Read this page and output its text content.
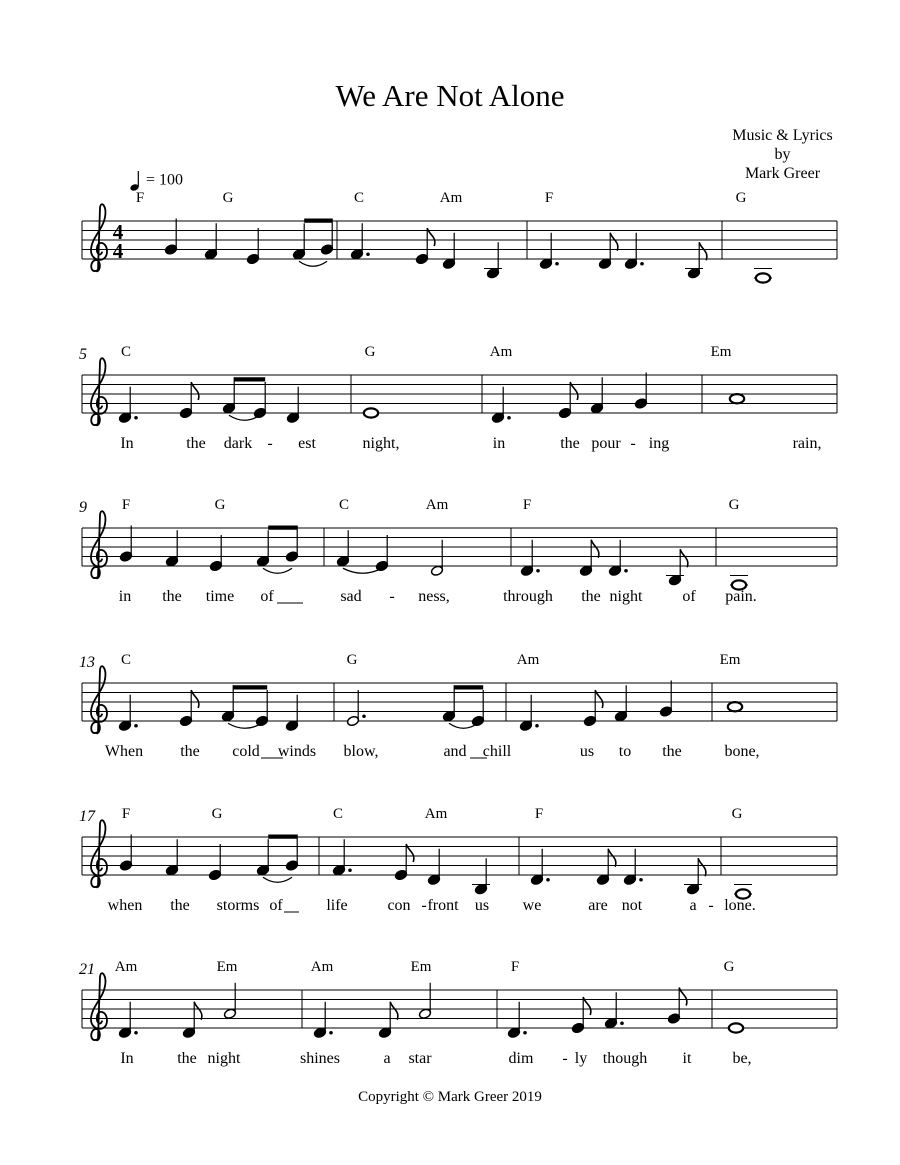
We Are Not Alone
Music & Lyrics
by
Mark Greer
= 100
4
4
F	G	C	Am	F	G
5 C	G	Am	Em
In	the dark - est	night,	in	the pour - ing	rain,
9 F	G	C	Am	F	G
in the time of	sad - ness,	through the night of pain.
13 C	G	Am	Em
When the cold winds blow,	and chill	us to the	bone,
17 F	G	C	Am	F	G
when the storms of	life con - front us we	are not	a - lone.
21 Am	Em	Am	Em	F	G
In	the night	shines	a star	dim - ly though it	be,
Copyright © Mark Greer 2019
